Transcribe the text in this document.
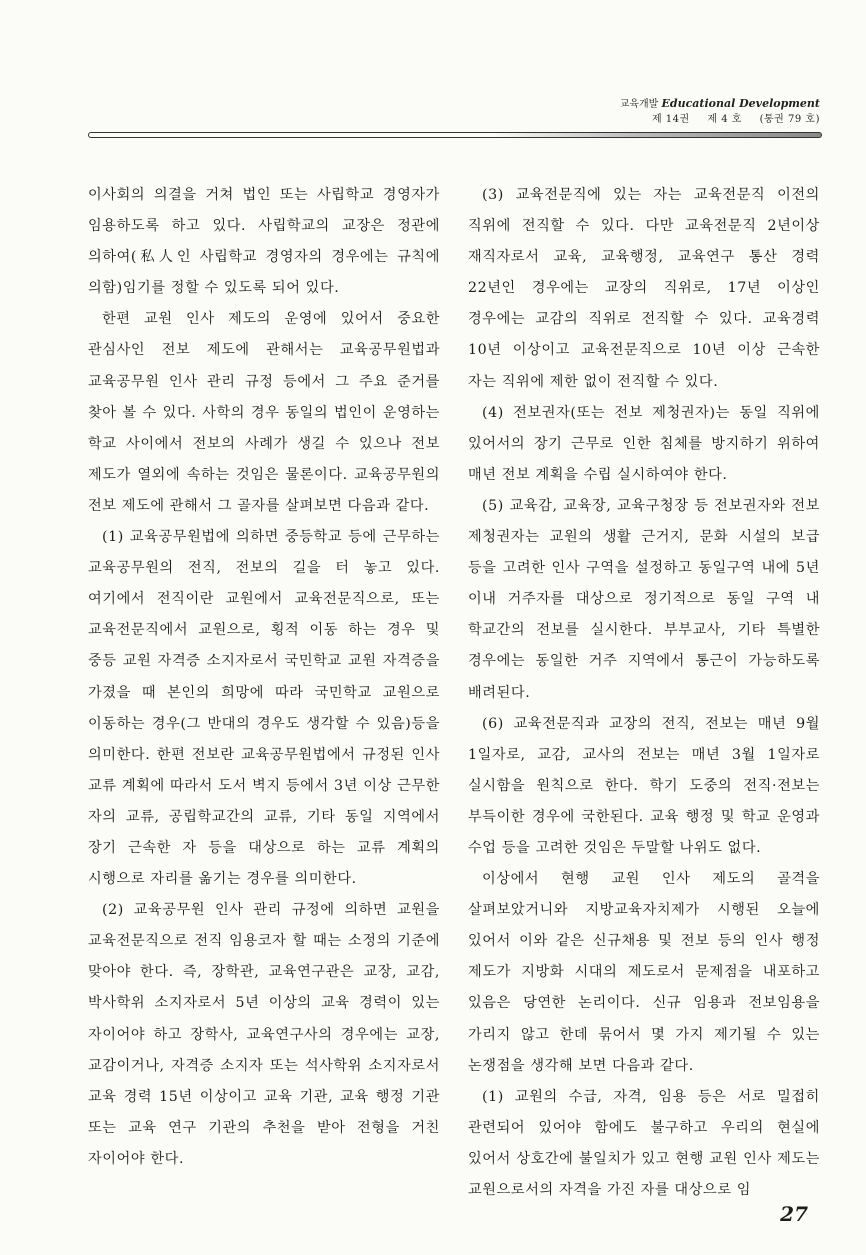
교육개발 Educational Development
제 14권 제 4 호 (통권 79 호)

이사회의 의결을 거쳐 법인 또는 사립학교 경영자가 임용하도록 하고 있다. 사립학교의 교장은 정관에 의하여(私人인 사립학교 경영자의 경우에는 규칙에 의함)임기를 정할 수 있도록 되어 있다.

한편 교원 인사 제도의 운영에 있어서 중요한 관심사인 전보 제도에 관해서는 교육공무원법과 교육공무원 인사 관리 규정 등에서 그 주요 준거를 찾아 볼 수 있다. 사학의 경우 동일의 법인이 운영하는 학교 사이에서 전보의 사례가 생길 수 있으나 전보 제도가 열외에 속하는 것임은 물론이다. 교육공무원의 전보 제도에 관해서 그 골자를 살펴보면 다음과 같다.

(1) 교육공무원법에 의하면 중등학교 등에 근무하는 교육공무원의 전직, 전보의 길을 터 놓고 있다. 여기에서 전직이란 교원에서 교육전문직으로, 또는 교육전문직에서 교원으로, 횡적 이동 하는 경우 및 중등 교원 자격증 소지자로서 국민학교 교원 자격증을 가졌을 때 본인의 희망에 따라 국민학교 교원으로 이동하는 경우(그 반대의 경우도 생각할 수 있음)등을 의미한다. 한편 전보란 교육공무원법에서 규정된 인사 교류 계획에 따라서 도서 벽지 등에서 3년 이상 근무한 자의 교류, 공립학교간의 교류, 기타 동일 지역에서 장기 근속한 자 등을 대상으로 하는 교류 계획의 시행으로 자리를 옮기는 경우를 의미한다.

(2) 교육공무원 인사 관리 규정에 의하면 교원을 교육전문직으로 전직 임용코자 할 때는 소정의 기준에 맞아야 한다. 즉, 장학관, 교육연구관은 교장, 교감, 박사학위 소지자로서 5년 이상의 교육 경력이 있는 자이어야 하고 장학사, 교육연구사의 경우에는 교장, 교감이거나, 자격증 소지자 또는 석사학위 소지자로서 교육 경력 15년 이상이고 교육 기관, 교육 행정 기관 또는 교육 연구 기관의 추천을 받아 전형을 거친 자이어야 한다.

(3) 교육전문직에 있는 자는 교육전문직 이전의 직위에 전직할 수 있다. 다만 교육전문직 2년이상 재직자로서 교육, 교육행정, 교육연구 통산 경력 22년인 경우에는 교장의 직위로, 17년 이상인 경우에는 교감의 직위로 전직할 수 있다. 교육경력 10년 이상이고 교육전문직으로 10년 이상 근속한 자는 직위에 제한 없이 전직할 수 있다.

(4) 전보권자(또는 전보 제청권자)는 동일 직위에 있어서의 장기 근무로 인한 침체를 방지하기 위하여 매년 전보 계획을 수립 실시하여야 한다.

(5) 교육감, 교육장, 교육구청장 등 전보권자와 전보 제청권자는 교원의 생활 근거지, 문화 시설의 보급 등을 고려한 인사 구역을 설정하고 동일구역 내에 5년 이내 거주자를 대상으로 정기적으로 동일 구역 내 학교간의 전보를 실시한다. 부부교사, 기타 특별한 경우에는 동일한 거주 지역에서 통근이 가능하도록 배려된다.

(6) 교육전문직과 교장의 전직, 전보는 매년 9월 1일자로, 교감, 교사의 전보는 매년 3월 1일자로 실시함을 원칙으로 한다. 학기 도중의 전직·전보는 부득이한 경우에 국한된다. 교육 행정 및 학교 운영과 수업 등을 고려한 것임은 두말할 나위도 없다.

이상에서 현행 교원 인사 제도의 골격을 살펴보았거니와 지방교육자치제가 시행된 오늘에 있어서 이와 같은 신규채용 및 전보 등의 인사 행정 제도가 지방화 시대의 제도로서 문제점을 내포하고 있음은 당연한 논리이다. 신규 임용과 전보임용을 가리지 않고 한데 묶어서 몇 가지 제기될 수 있는 논쟁점을 생각해 보면 다음과 같다.

(1) 교원의 수급, 자격, 임용 등은 서로 밀접히 관련되어 있어야 함에도 불구하고 우리의 현실에 있어서 상호간에 불일치가 있고 현행 교원 인사 제도는 교원으로서의 자격을 가진 자를 대상으로 임

27
